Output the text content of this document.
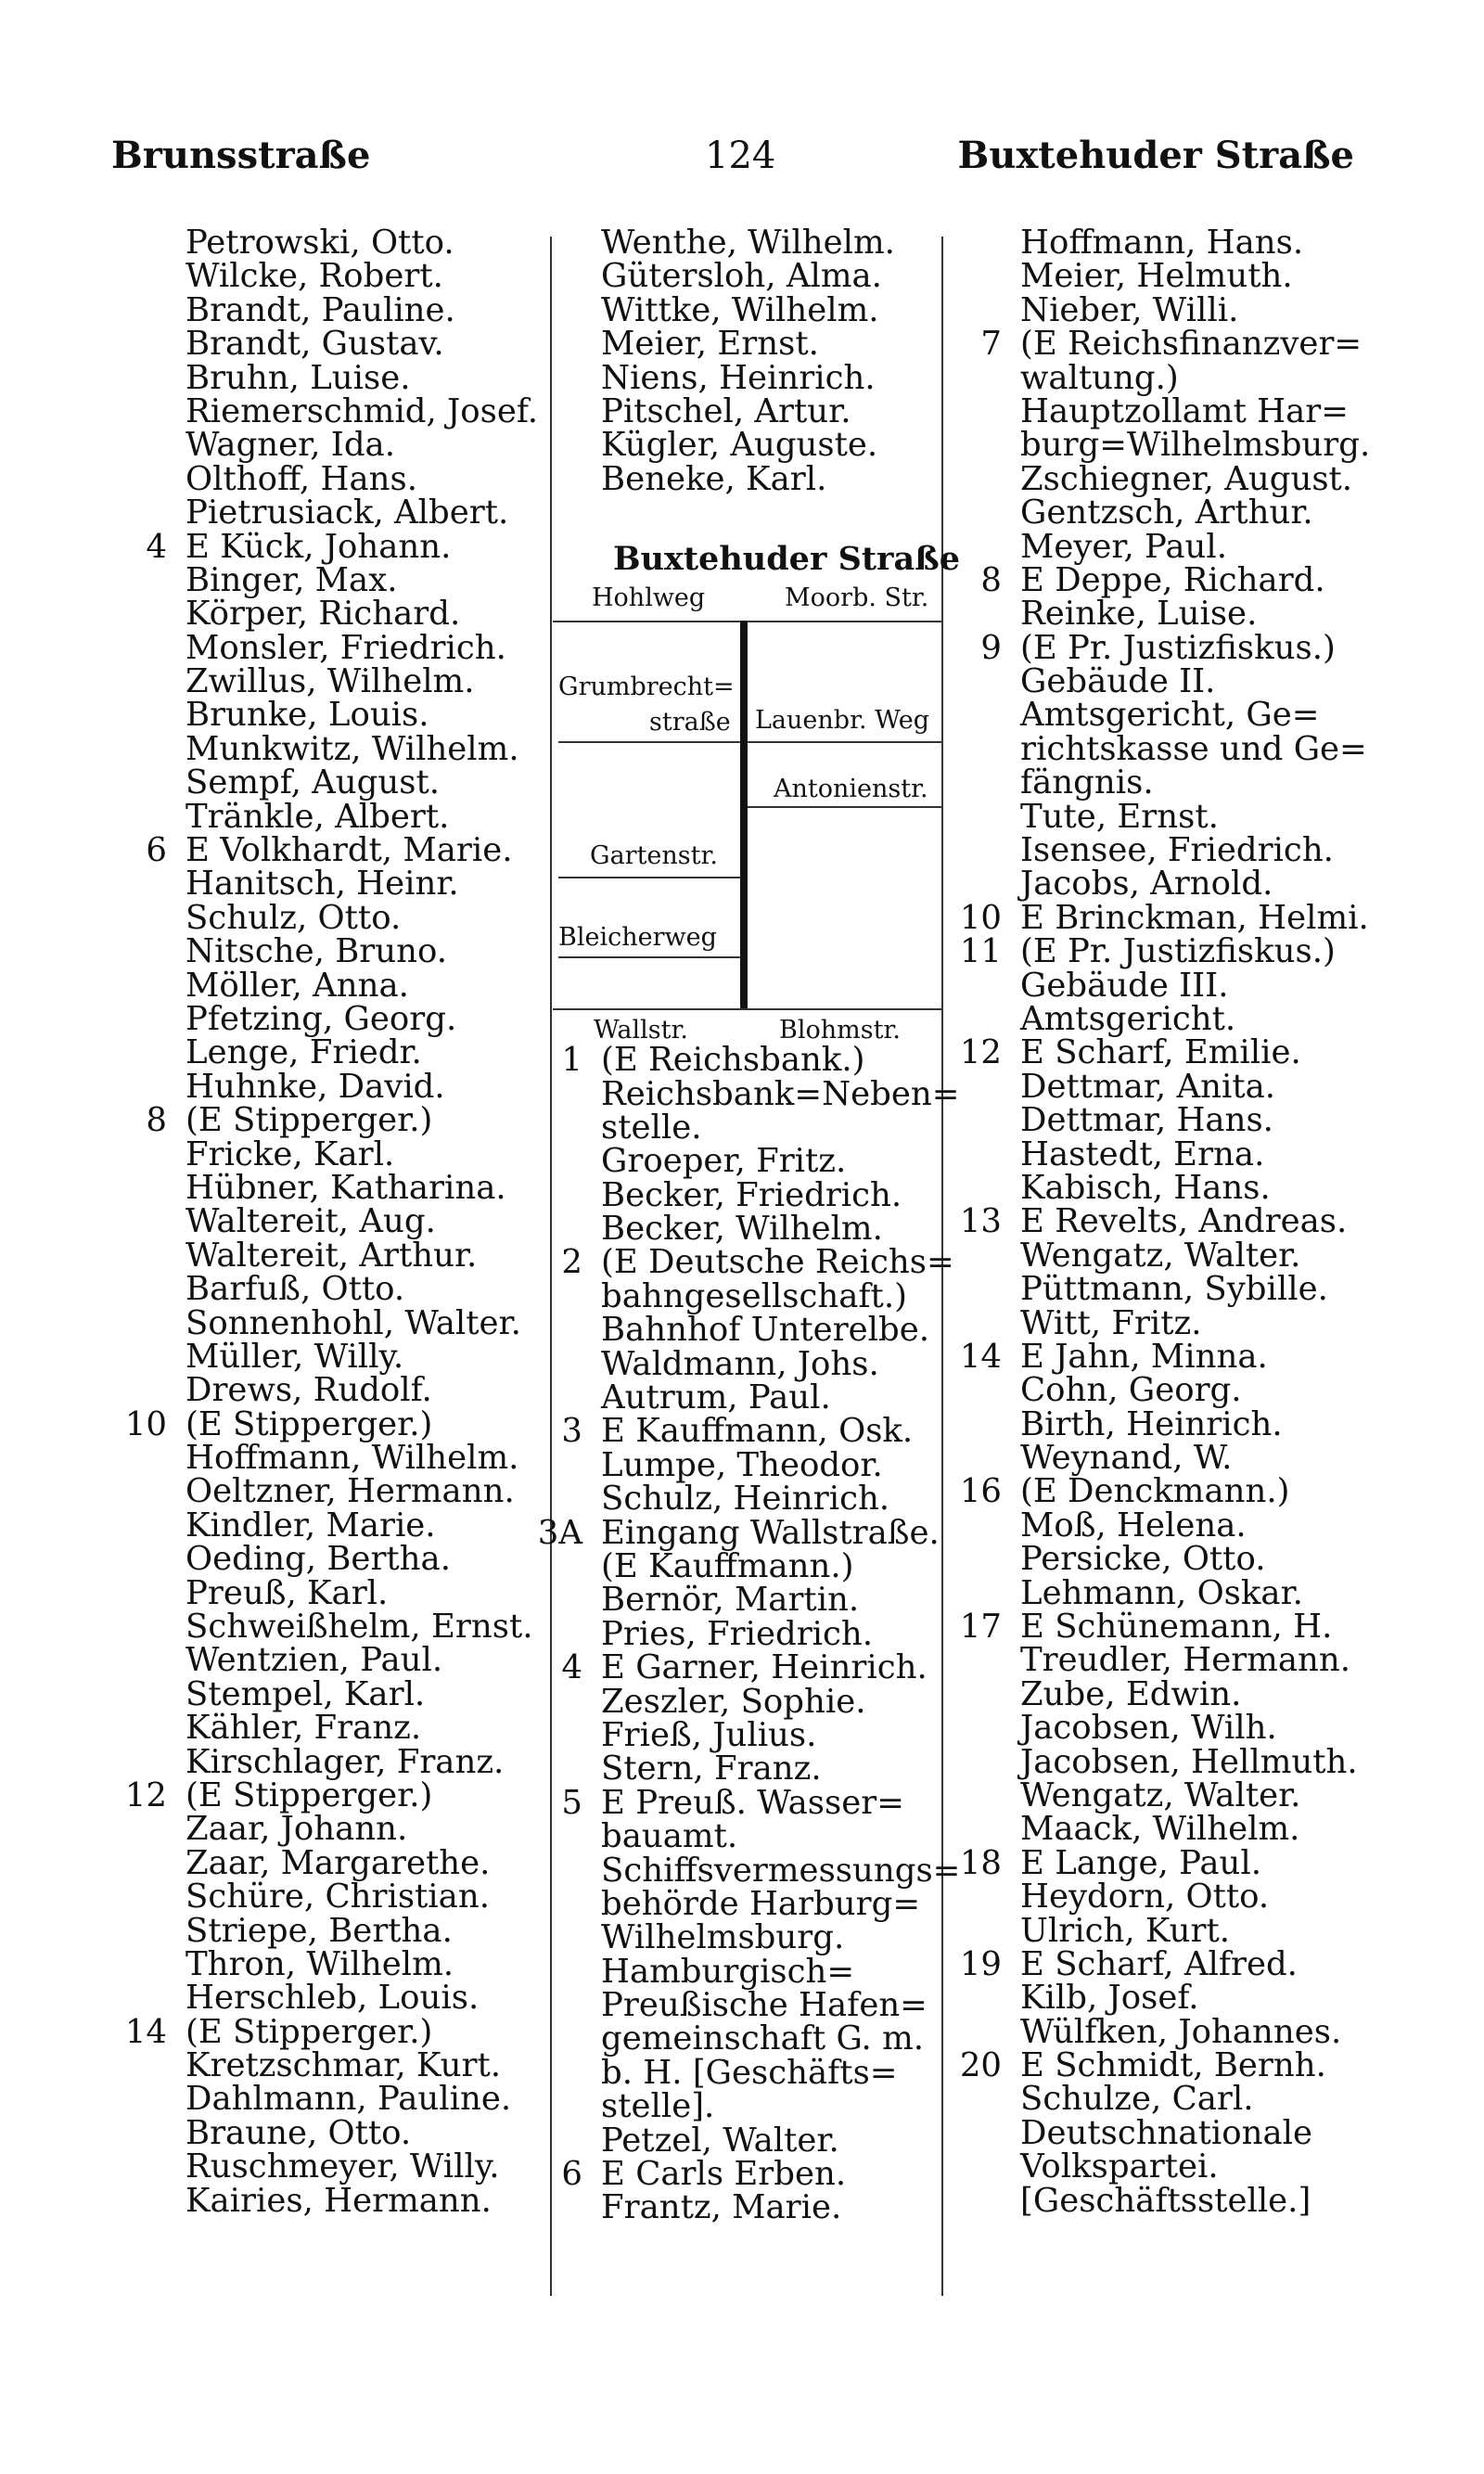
Brunsstraße	124	Buxtehuder Straße
Petrowski, Otto.
Wilcke, Robert.
Brandt, Pauline.
Brandt, Gustav.
Bruhn, Luise.
Riemerschmid, Josef.
Wagner, Ida.
Olthoff, Hans.
Pietrusiack, Albert.
4 E Kück, Johann.
Binger, Max.
Körper, Richard.
Monsler, Friedrich.
Zwillus, Wilhelm.
Brunke, Louis.
Munkwitz, Wilhelm.
Sempf, August.
Tränkle, Albert.
6 E Volkhardt, Marie.
Hanitsch, Heinr.
Schulz, Otto.
Nitsche, Bruno.
Möller, Anna.
Pfetzing, Georg.
Lenge, Friedr.
Huhnke, David.
8 (E Stipperger.)
Fricke, Karl.
Hübner, Katharina.
Waltereit, Aug.
Waltereit, Arthur.
Barfuß, Otto.
Sonnenhohl, Walter.
Müller, Willy.
Drews, Rudolf.
10 (E Stipperger.)
Hoffmann, Wilhelm.
Oeltzner, Hermann.
Kindler, Marie.
Oeding, Bertha.
Preuß, Karl.
Schweißhelm, Ernst.
Wentzien, Paul.
Stempel, Karl.
Kähler, Franz.
Kirschlager, Franz.
12 (E Stipperger.)
Zaar, Johann.
Zaar, Margarethe.
Schüre, Christian.
Striepe, Bertha.
Thron, Wilhelm.
Herschleb, Louis.
14 (E Stipperger.)
Kretzschmar, Kurt.
Dahlmann, Pauline.
Braune, Otto.
Ruschmeyer, Willy.
Kairies, Hermann.
Wenthe, Wilhelm.
Gütersloh, Alma.
Wittke, Wilhelm.
Meier, Ernst.
Niens, Heinrich.
Pitschel, Artur.
Kügler, Auguste.
Beneke, Karl.
Buxtehuder Straße
Hohlweg	Moorb. Str.
Grumbrecht=
straße Lauenbr. Weg
Antonienstr.
Gartenstr.
Bleicherweg
Wallstr.	Blohmstr.
1 (E Reichsbank.)
Reichsbank=Neben=
stelle.
Groeper, Fritz.
Becker, Friedrich.
Becker, Wilhelm.
2 (E Deutsche Reichs=
bahngesellschaft.)
Bahnhof Unterelbe.
Waldmann, Johs.
Autrum, Paul.
3 E Kauffmann, Osk.
Lumpe, Theodor.
Schulz, Heinrich.
3A Eingang Wallstraße.
(E Kauffmann.)
Bernör, Martin.
Pries, Friedrich.
4 E Garner, Heinrich.
Zeszler, Sophie.
Frieß, Julius.
Stern, Franz.
5 E Preuß. Wasser=
bauamt.
Schiffsvermessungs=
behörde Harburg=
Wilhelmsburg.
Hamburgisch=
Preußische Hafen=
gemeinschaft G. m.
b. H. [Geschäfts=
stelle].
Petzel, Walter.
6 E Carls Erben.
Frantz, Marie.
Hoffmann, Hans.
Meier, Helmuth.
Nieber, Willi.
7 (E Reichsfinanzver=
waltung.)
Hauptzollamt Har=
burg=Wilhelmsburg.
Zschiegner, August.
Gentzsch, Arthur.
Meyer, Paul.
8 E Deppe, Richard.
Reinke, Luise.
9 (E Pr. Justizfiskus.)
Gebäude II.
Amtsgericht, Ge=
richtskasse und Ge=
fängnis.
Tute, Ernst.
Isensee, Friedrich.
Jacobs, Arnold.
10 E Brinckman, Helmi.
11 (E Pr. Justizfiskus.)
Gebäude III.
Amtsgericht.
12 E Scharf, Emilie.
Dettmar, Anita.
Dettmar, Hans.
Hastedt, Erna.
Kabisch, Hans.
13 E Revelts, Andreas.
Wengatz, Walter.
Püttmann, Sybille.
Witt, Fritz.
14 E Jahn, Minna.
Cohn, Georg.
Birth, Heinrich.
Weynand, W.
16 (E Denckmann.)
Moß, Helena.
Persicke, Otto.
Lehmann, Oskar.
17 E Schünemann, H.
Treudler, Hermann.
Zube, Edwin.
Jacobsen, Wilh.
Jacobsen, Hellmuth.
Wengatz, Walter.
Maack, Wilhelm.
18 E Lange, Paul.
Heydorn, Otto.
Ulrich, Kurt.
19 E Scharf, Alfred.
Kilb, Josef.
Wülfken, Johannes.
20 E Schmidt, Bernh.
Schulze, Carl.
Deutschnationale
Volkspartei.
[Geschäftsstelle.]
